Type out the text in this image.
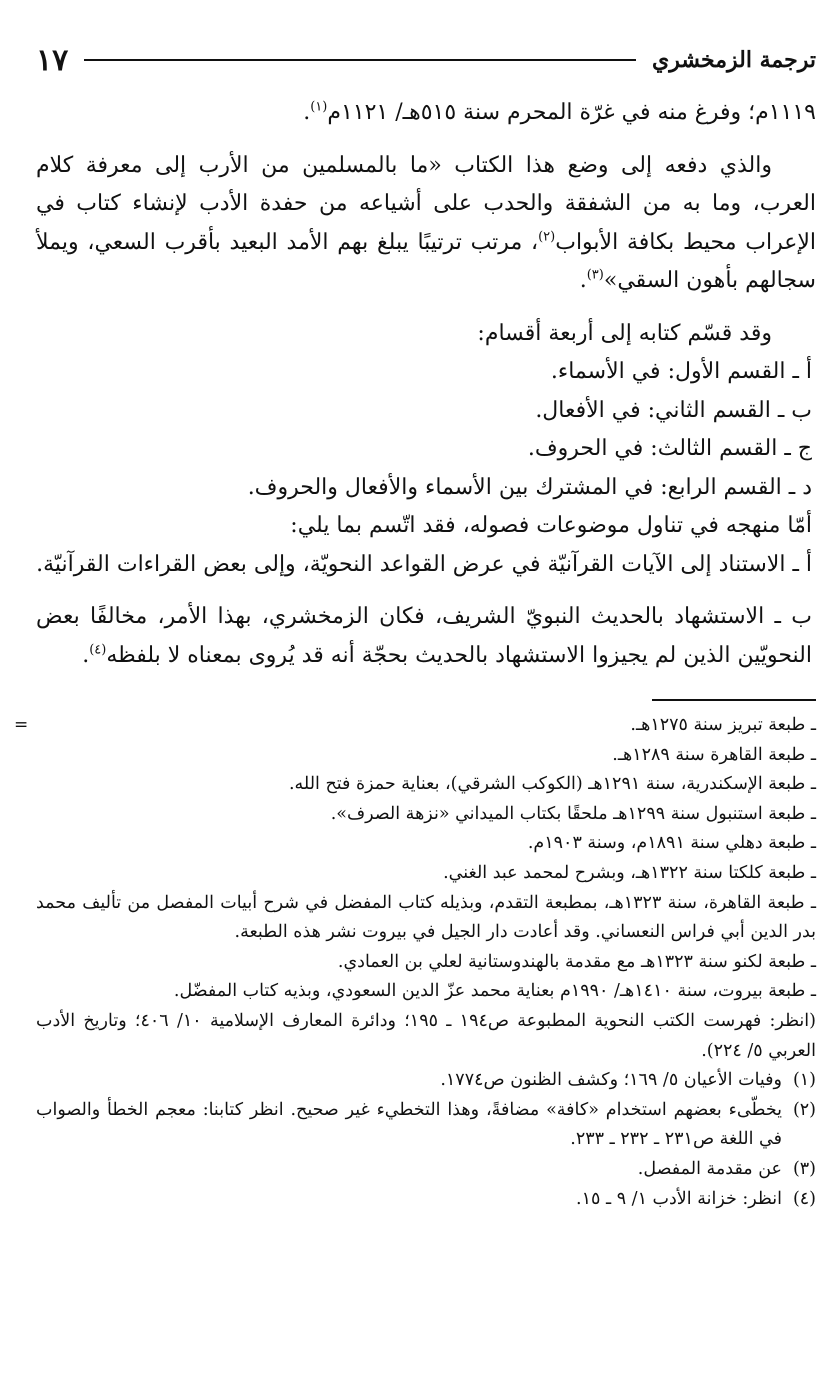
ترجمة الزمخشري
١٧

١١١٩م؛ وفرغ منه في غرّة المحرم سنة ٥١٥هـ/ ١١٢١م$^{(١)}$.

والذي دفعه إلى وضع هذا الكتاب «ما بالمسلمين من الأرب إلى معرفة كلام العرب، وما به من الشفقة والحدب على أشياعه من حفدة الأدب لإنشاء كتاب في الإعراب محيط بكافة الأبواب$^{(٢)}$، مرتب ترتيبًا يبلغ بهم الأمد البعيد بأقرب السعي، ويملأ سجالهم بأهون السقي»$^{(٣)}$.

وقد قسّم كتابه إلى أربعة أقسام:

أ ـ القسم الأول: في الأسماء.

ب ـ القسم الثاني: في الأفعال.

ج ـ القسم الثالث: في الحروف.

د ـ القسم الرابع: في المشترك بين الأسماء والأفعال والحروف.

أمّا منهجه في تناول موضوعات فصوله، فقد اتّسم بما يلي:

أ ـ الاستناد إلى الآيات القرآنيّة في عرض القواعد النحويّة، وإلى بعض القراءات القرآنيّة.

ب ـ الاستشهاد بالحديث النبويّ الشريف، فكان الزمخشري، بهذا الأمر، مخالفًا بعض النحويّين الذين لم يجيزوا الاستشهاد بالحديث بحجّة أنه قد يُروى بمعناه لا بلفظه$^{(٤)}$.

=	ـ طبعة تبريز سنة ١٢٧٥هـ.

ـ طبعة القاهرة سنة ١٢٨٩هـ.

ـ طبعة الإسكندرية، سنة ١٢٩١هـ (الكوكب الشرقي)، بعناية حمزة فتح الله.

ـ طبعة استنبول سنة ١٢٩٩هـ ملحقًا بكتاب الميداني «نزهة الصرف».

ـ طبعة دهلي سنة ١٨٩١م، وسنة ١٩٠٣م.

ـ طبعة كلكتا سنة ١٣٢٢هـ، وبشرح لمحمد عبد الغني.

ـ طبعة القاهرة، سنة ١٣٢٣هـ، بمطبعة التقدم، وبذيله كتاب المفضل في شرح أبيات المفصل من تأليف محمد بدر الدين أبي فراس النعساني. وقد أعادت دار الجيل في بيروت نشر هذه الطبعة.

ـ طبعة لكنو سنة ١٣٢٣هـ مع مقدمة بالهندوستانية لعلي بن العمادي.

ـ طبعة بيروت، سنة ١٤١٠هـ/ ١٩٩٠م بعناية محمد عزّ الدين السعودي، وبذيه كتاب المفضّل.

(انظر: فهرست الكتب النحوية المطبوعة ص١٩٤ ـ ١٩٥؛ ودائرة المعارف الإسلامية ١٠/ ٤٠٦؛ وتاريخ الأدب العربي ٥/ ٢٢٤).

(١)
وفيات الأعيان ٥/ ١٦٩؛ وكشف الظنون ص١٧٧٤.
(٢)
يخطّىء بعضهم استخدام «كافة» مضافةً، وهذا التخطيء غير صحيح. انظر كتابنا: معجم الخطأ والصواب في اللغة ص٢٣١ ـ ٢٣٢ ـ ٢٣٣.
(٣)
عن مقدمة المفصل.
(٤)
انظر: خزانة الأدب ١/ ٩ ـ ١٥.
